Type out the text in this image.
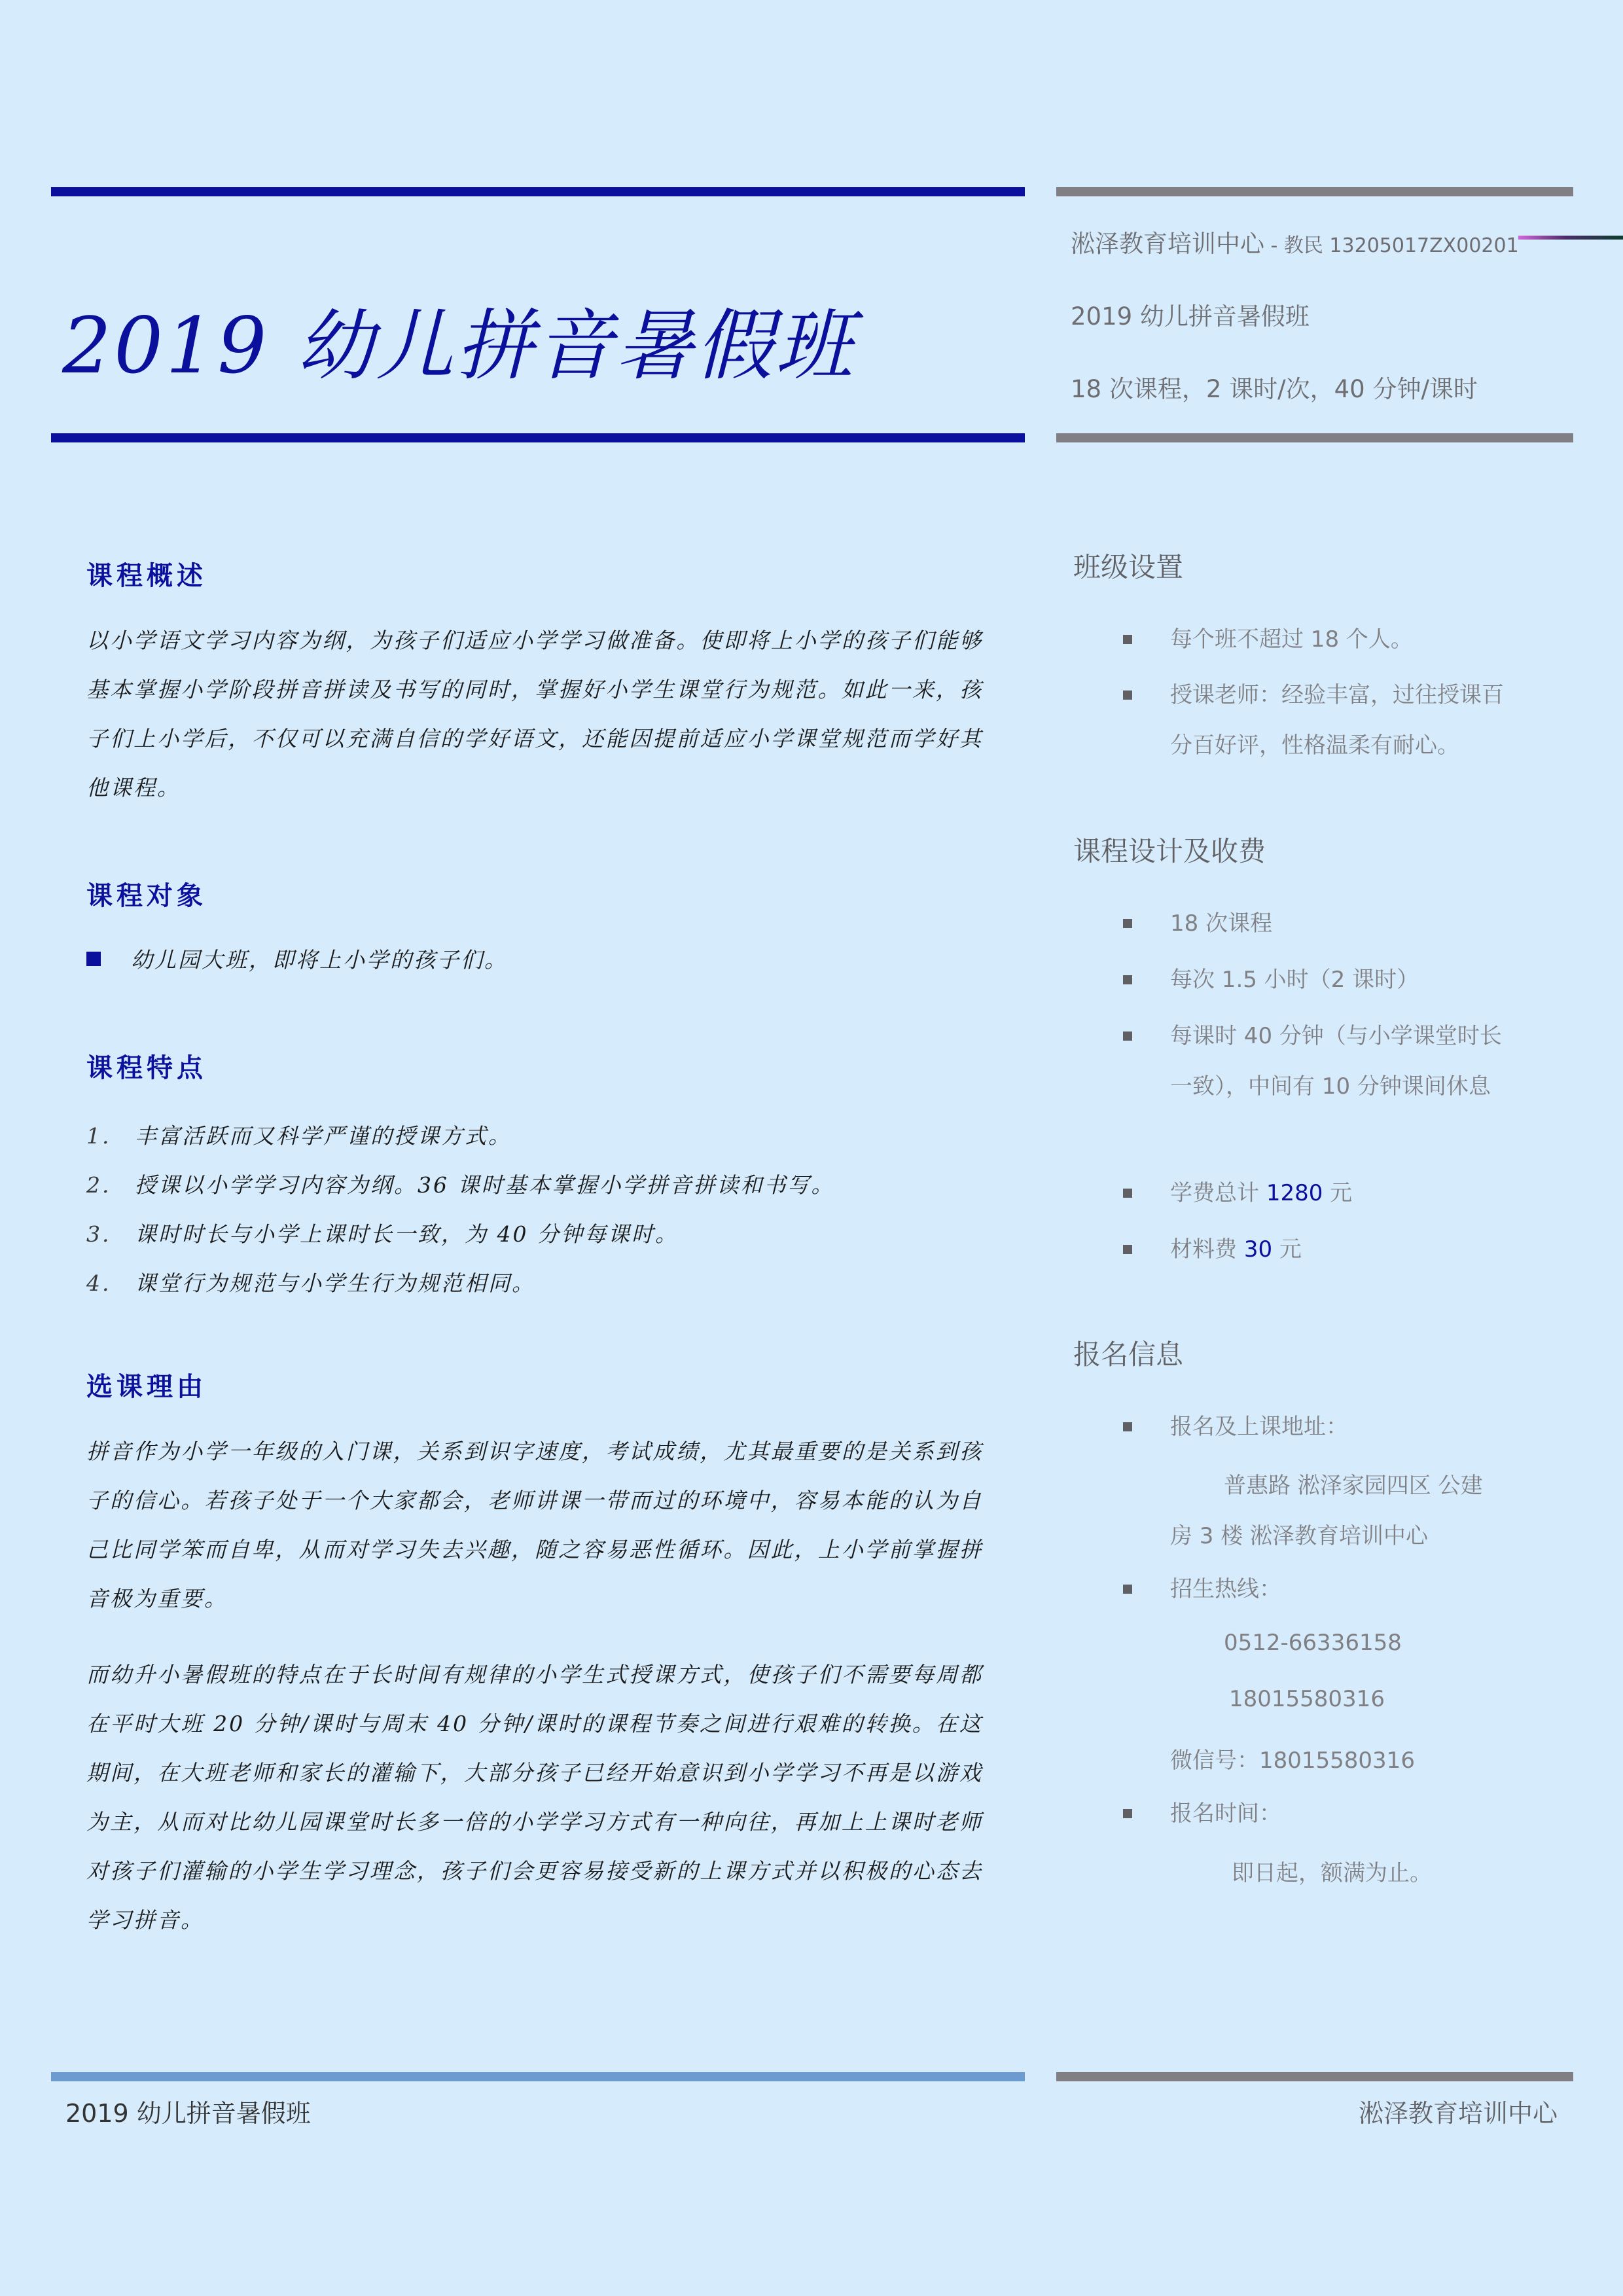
2019 幼儿拼音暑假班
淞泽教育培训中心 - 教民 13205017ZX00201
2019 幼儿拼音暑假班
18 次课程，2 课时/次，40 分钟/课时
课程概述
以小学语文学习内容为纲，为孩子们适应小学学习做准备。使即将上小学的孩子们能够基本掌握小学阶段拼音拼读及书写的同时，掌握好小学生课堂行为规范。如此一来，孩子们上小学后，不仅可以充满自信的学好语文，还能因提前适应小学课堂规范而学好其他课程。
课程对象
幼儿园大班，即将上小学的孩子们。
课程特点
1. 丰富活跃而又科学严谨的授课方式。
2. 授课以小学学习内容为纲。36 课时基本掌握小学拼音拼读和书写。
3. 课时时长与小学上课时长一致，为 40 分钟每课时。
4. 课堂行为规范与小学生行为规范相同。
选课理由
拼音作为小学一年级的入门课，关系到识字速度，考试成绩，尤其最重要的是关系到孩子的信心。若孩子处于一个大家都会，老师讲课一带而过的环境中，容易本能的认为自己比同学笨而自卑，从而对学习失去兴趣，随之容易恶性循环。因此，上小学前掌握拼音极为重要。
而幼升小暑假班的特点在于长时间有规律的小学生式授课方式，使孩子们不需要每周都在平时大班 20 分钟/课时与周末 40 分钟/课时的课程节奏之间进行艰难的转换。在这期间，在大班老师和家长的灌输下，大部分孩子已经开始意识到小学学习不再是以游戏为主，从而对比幼儿园课堂时长多一倍的小学学习方式有一种向往，再加上上课时老师对孩子们灌输的小学生学习理念，孩子们会更容易接受新的上课方式并以积极的心态去学习拼音。
班级设置
每个班不超过 18 个人。
授课老师：经验丰富，过往授课百分百好评，性格温柔有耐心。
课程设计及收费
18 次课程
每次 1.5 小时（2 课时）
每课时 40 分钟（与小学课堂时长一致），中间有 10 分钟课间休息
学费总计 1280 元
材料费 30 元
报名信息
报名及上课地址：
普惠路 淞泽家园四区 公建
房 3 楼 淞泽教育培训中心
招生热线：
0512-66336158
18015580316
微信号：18015580316
报名时间：
即日起，额满为止。
2019 幼儿拼音暑假班	淞泽教育培训中心
